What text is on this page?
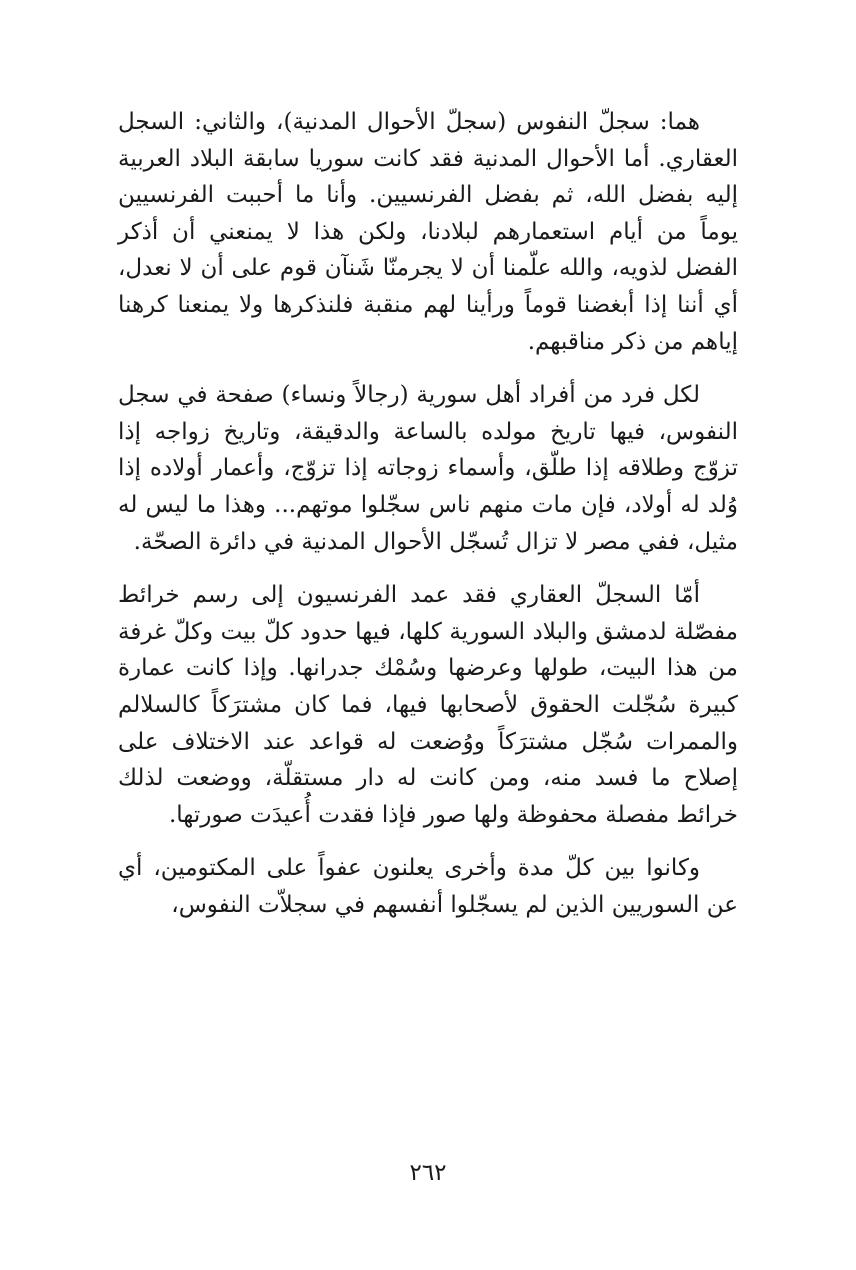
هما: سجلّ النفوس (سجلّ الأحوال المدنية)، والثاني: السجل العقاري. أما الأحوال المدنية فقد كانت سوريا سابقة البلاد العربية إليه بفضل الله، ثم بفضل الفرنسيين. وأنا ما أحببت الفرنسيين يوماً من أيام استعمارهم لبلادنا، ولكن هذا لا يمنعني أن أذكر الفضل لذويه، والله علّمنا أن لا يجرمنّا شَنآن قوم على أن لا نعدل، أي أننا إذا أبغضنا قوماً ورأينا لهم منقبة فلنذكرها ولا يمنعنا كرهنا إياهم من ذكر مناقبهم.

لكل فرد من أفراد أهل سورية (رجالاً ونساء) صفحة في سجل النفوس، فيها تاريخ مولده بالساعة والدقيقة، وتاريخ زواجه إذا تزوّج وطلاقه إذا طلّق، وأسماء زوجاته إذا تزوّج، وأعمار أولاده إذا وُلد له أولاد، فإن مات منهم ناس سجّلوا موتهم... وهذا ما ليس له مثيل، ففي مصر لا تزال تُسجّل الأحوال المدنية في دائرة الصحّة.

أمّا السجلّ العقاري فقد عمد الفرنسيون إلى رسم خرائط مفصّلة لدمشق والبلاد السورية كلها، فيها حدود كلّ بيت وكلّ غرفة من هذا البيت، طولها وعرضها وسُمْك جدرانها. وإذا كانت عمارة كبيرة سُجّلت الحقوق لأصحابها فيها، فما كان مشترَكاً كالسلالم والممرات سُجّل مشترَكاً ووُضعت له قواعد عند الاختلاف على إصلاح ما فسد منه، ومن كانت له دار مستقلّة، ووضعت لذلك خرائط مفصلة محفوظة ولها صور فإذا فقدت أُعيدَت صورتها.

وكانوا بين كلّ مدة وأخرى يعلنون عفواً على المكتومين، أي عن السوريين الذين لم يسجّلوا أنفسهم في سجلاّت النفوس،

٢٦٢
